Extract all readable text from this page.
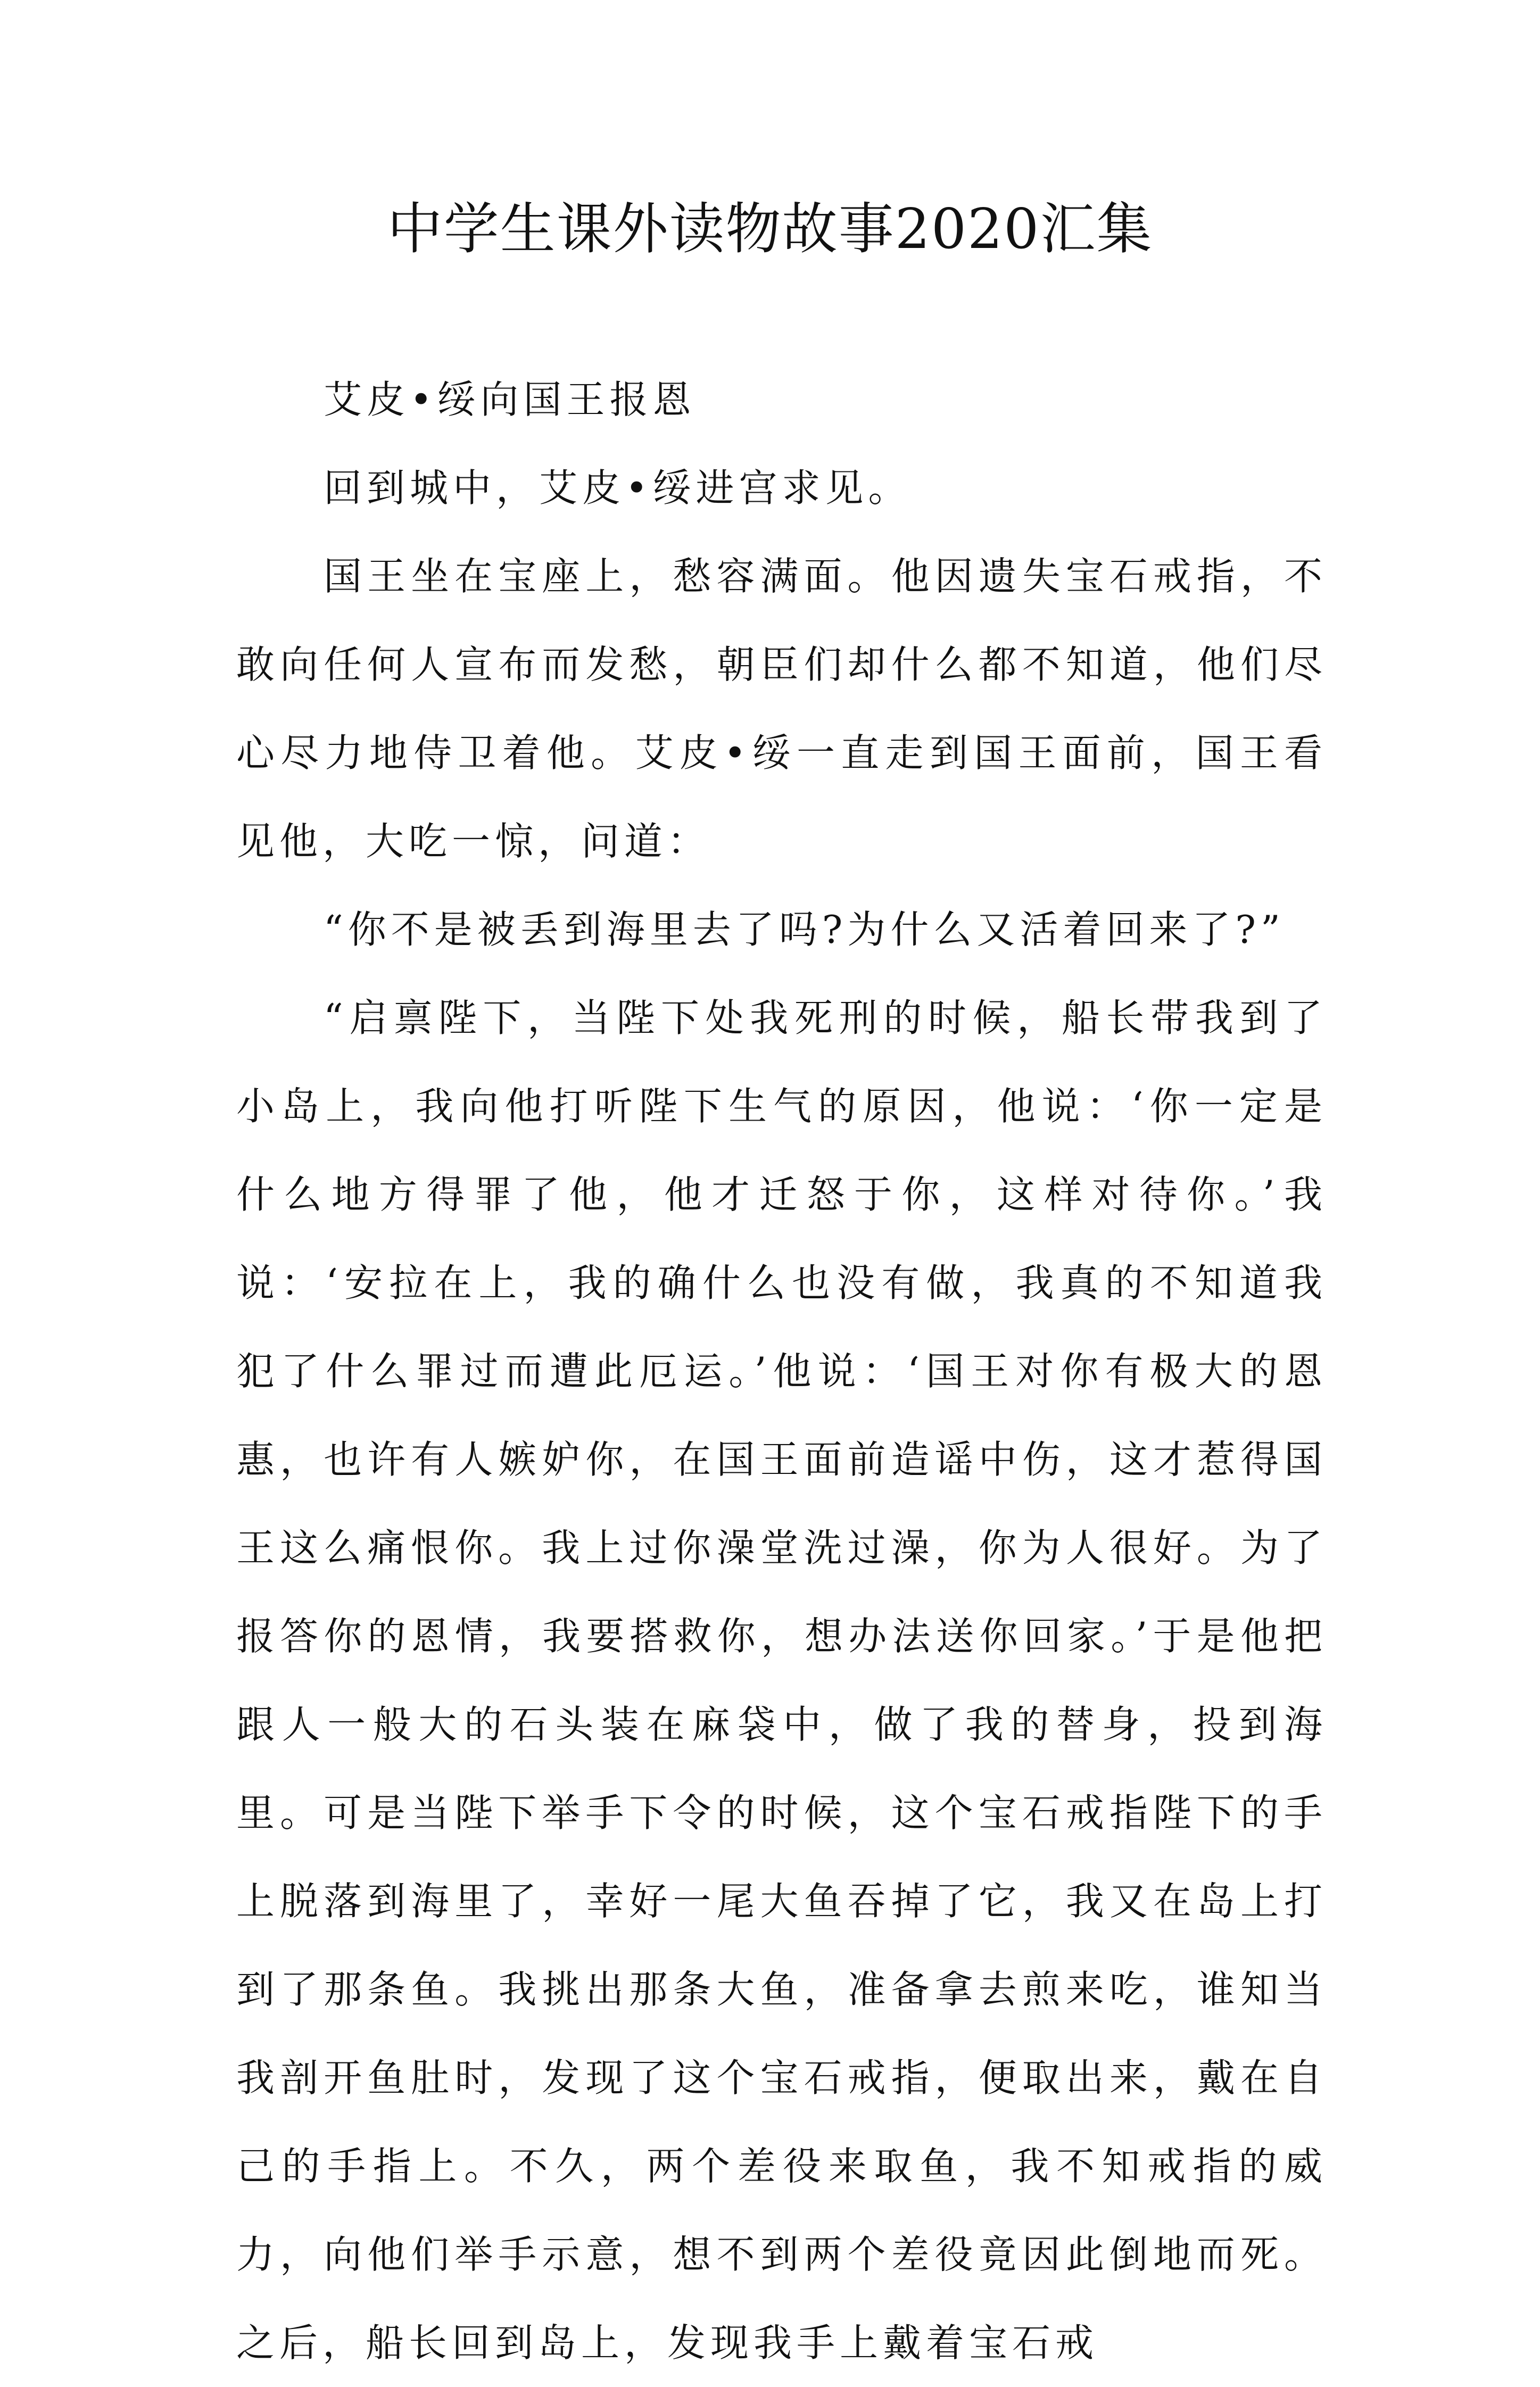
中学生课外读物故事2020汇集

艾皮•绥向国王报恩

回到城中，艾皮•绥进宫求见。

国王坐在宝座上，愁容满面。他因遗失宝石戒指，不敢向任何人宣布而发愁，朝臣们却什么都不知道，他们尽心尽力地侍卫着他。艾皮•绥一直走到国王面前，国王看见他，大吃一惊，问道：

“你不是被丢到海里去了吗?为什么又活着回来了?”

“启禀陛下，当陛下处我死刑的时候，船长带我到了小岛上，我向他打听陛下生气的原因，他说：‘你一定是什么地方得罪了他，他才迁怒于你，这样对待你。’我说：‘安拉在上，我的确什么也没有做，我真的不知道我犯了什么罪过而遭此厄运。’他说：‘国王对你有极大的恩惠，也许有人嫉妒你，在国王面前造谣中伤，这才惹得国王这么痛恨你。我上过你澡堂洗过澡，你为人很好。为了报答你的恩情，我要搭救你，想办法送你回家。’于是他把跟人一般大的石头装在麻袋中，做了我的替身，投到海里。可是当陛下举手下令的时候，这个宝石戒指陛下的手上脱落到海里了，幸好一尾大鱼吞掉了它，我又在岛上打到了那条鱼。我挑出那条大鱼，准备拿去煎来吃，谁知当我剖开鱼肚时，发现了这个宝石戒指，便取出来，戴在自己的手指上。不久，两个差役来取鱼，我不知戒指的威力，向他们举手示意，想不到两个差役竟因此倒地而死。之后，船长回到岛上，发现我手上戴着宝石戒
